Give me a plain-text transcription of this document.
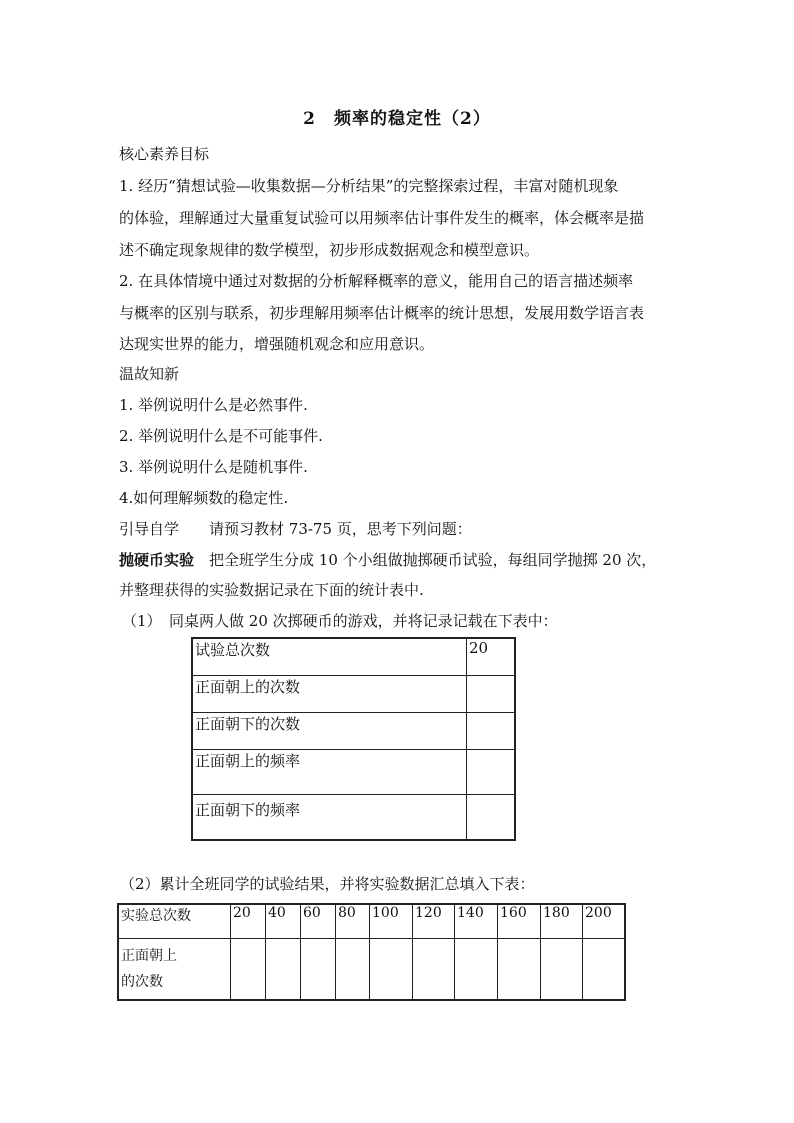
2　频率的稳定性（2）
核心素养目标
1. 经历“猜想试验—收集数据—分析结果”的完整探索过程，丰富对随机现象
的体验，理解通过大量重复试验可以用频率估计事件发生的概率，体会概率是描
述不确定现象规律的数学模型，初步形成数据观念和模型意识。
2. 在具体情境中通过对数据的分析解释概率的意义，能用自己的语言描述频率
与概率的区别与联系，初步理解用频率估计概率的统计思想，发展用数学语言表
达现实世界的能力，增强随机观念和应用意识。
温故知新
1. 举例说明什么是必然事件.
2. 举例说明什么是不可能事件.
3. 举例说明什么是随机事件.
4.如何理解频数的稳定性.
引导自学　　请预习教材 73-75 页，思考下列问题：
抛硬币实验　把全班学生分成 10 个小组做抛掷硬币试验，每组同学抛掷 20 次，
并整理获得的实验数据记录在下面的统计表中.
（1）　同桌两人做 20 次掷硬币的游戏，并将记录记载在下表中：
试验总次数	20
正面朝上的次数	
正面朝下的次数	
正面朝上的频率	
正面朝下的频率	
（2）累计全班同学的试验结果，并将实验数据汇总填入下表：
实验总次数	20	40	60	80	100	120	140	160	180	200
正面朝上
的次数										
